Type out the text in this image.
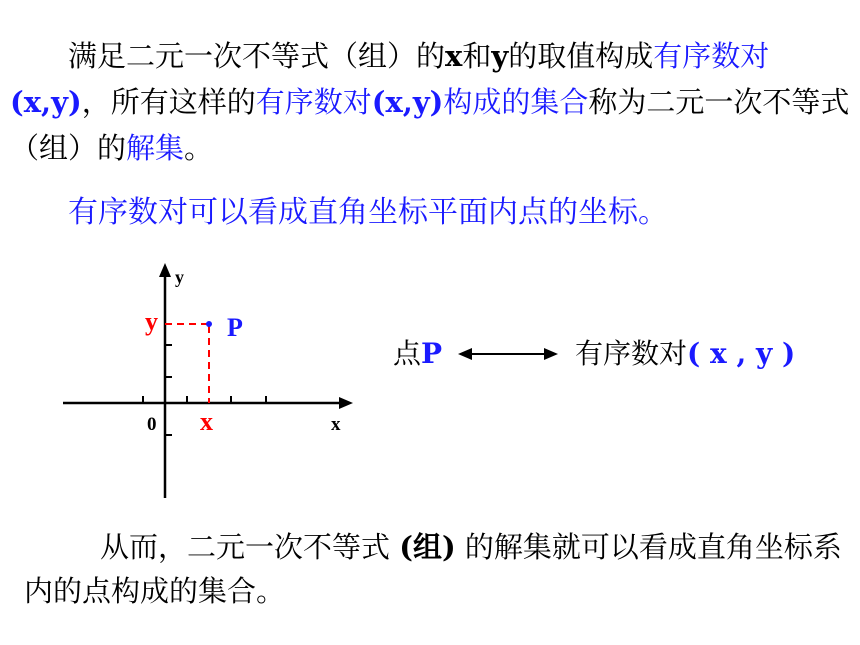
满足二元一次不等式（组）的x和y的取值构成有序数对(x,y)，所有这样的有序数对(x,y)构成的集合称为二元一次不等式（组）的解集。
有序数对可以看成直角坐标平面内点的坐标。
y
x
0
P
x
y
点P	有序数对( x , y )
从而，二元一次不等式 (组) 的解集就可以看成直角坐标系内的点构成的集合。
